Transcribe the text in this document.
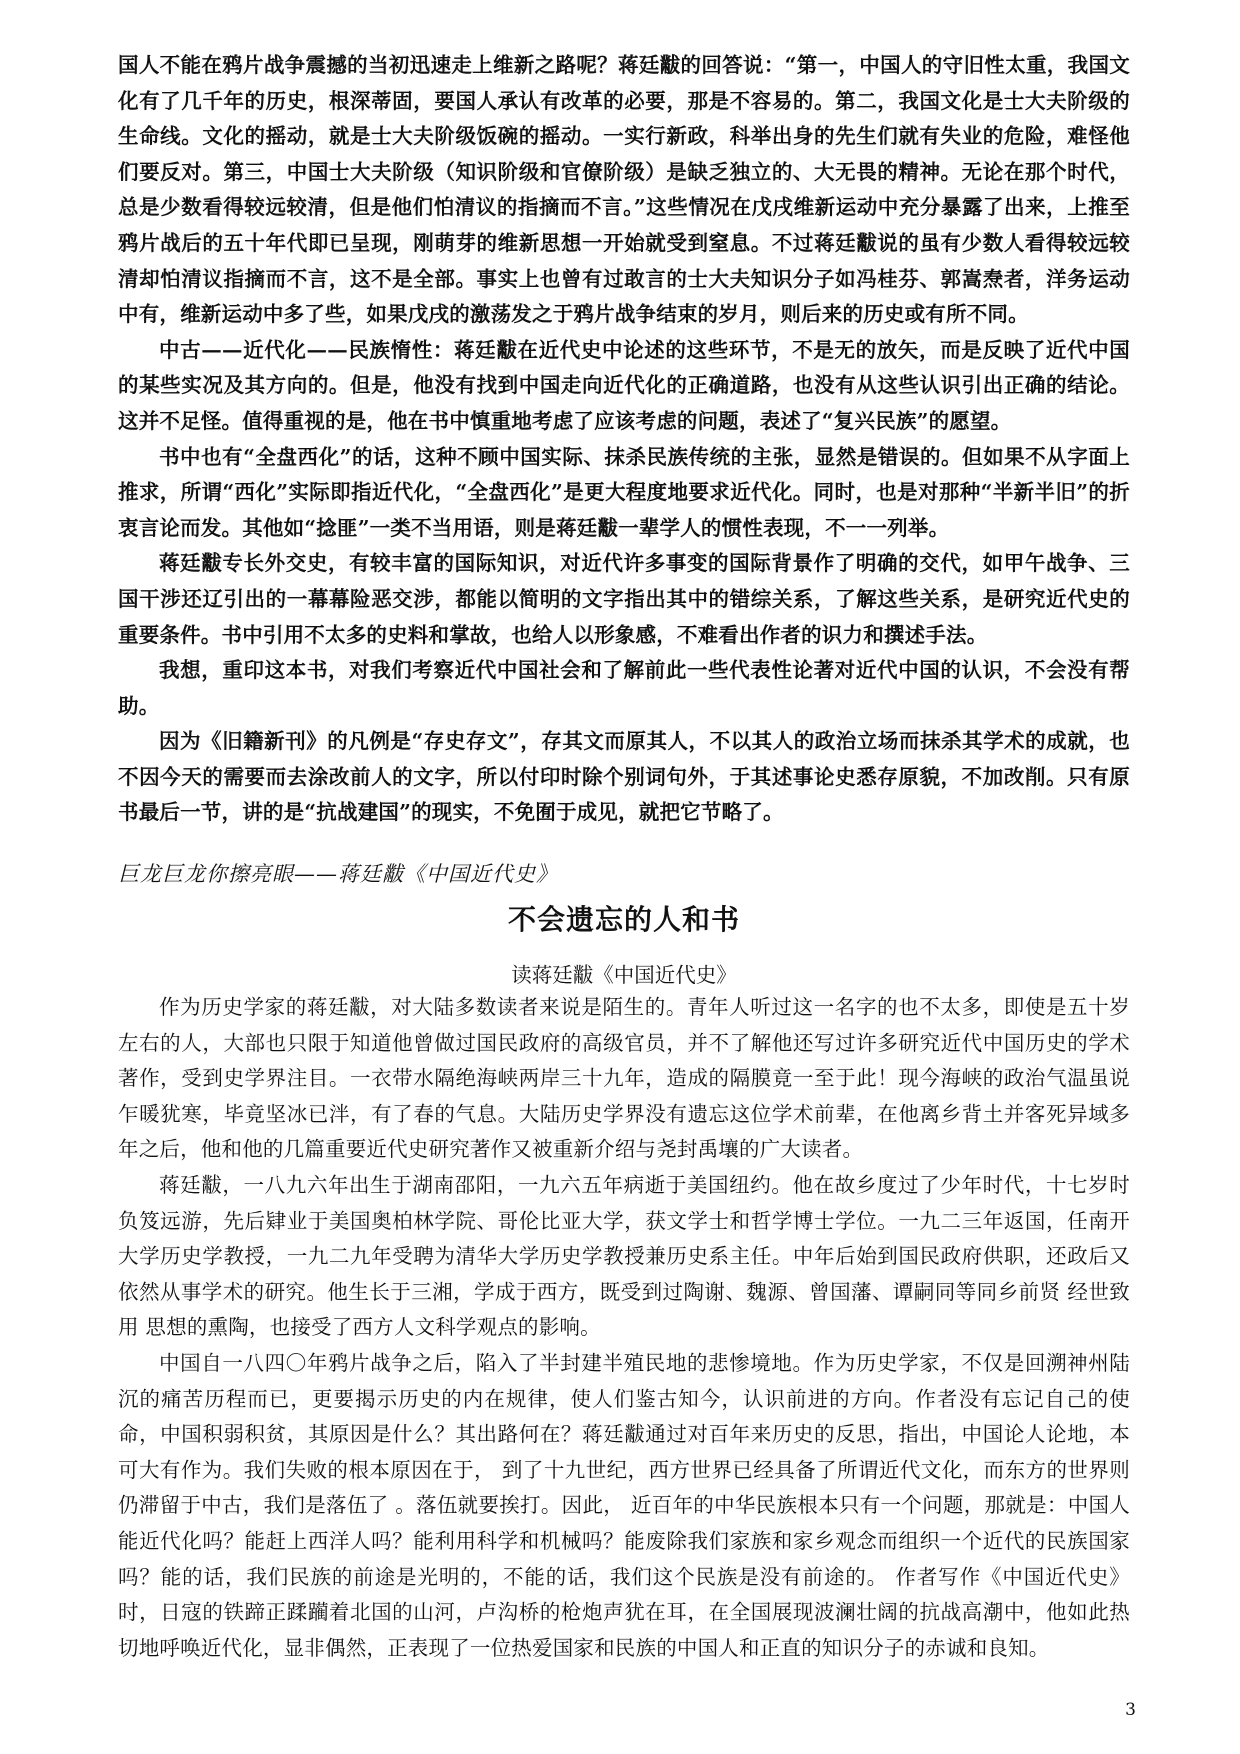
国人不能在鸦片战争震撼的当初迅速走上维新之路呢？蒋廷黻的回答说：“第一，中国人的守旧性太重，我国文化有了几千年的历史，根深蒂固，要国人承认有改革的必要，那是不容易的。第二，我国文化是士大夫阶级的生命线。文化的摇动，就是士大夫阶级饭碗的摇动。一实行新政，科举出身的先生们就有失业的危险，难怪他们要反对。第三，中国士大夫阶级（知识阶级和官僚阶级）是缺乏独立的、大无畏的精神。无论在那个时代，总是少数看得较远较清，但是他们怕清议的指摘而不言。”这些情况在戊戌维新运动中充分暴露了出来，上推至鸦片战后的五十年代即已呈现，刚萌芽的维新思想一开始就受到窒息。不过蒋廷黻说的虽有少数人看得较远较清却怕清议指摘而不言，这不是全部。事实上也曾有过敢言的士大夫知识分子如冯桂芬、郭嵩焘者，洋务运动中有，维新运动中多了些，如果戊戌的激荡发之于鸦片战争结束的岁月，则后来的历史或有所不同。

中古——近代化——民族惰性：蒋廷黻在近代史中论述的这些环节，不是无的放矢，而是反映了近代中国的某些实况及其方向的。但是，他没有找到中国走向近代化的正确道路，也没有从这些认识引出正确的结论。这并不足怪。值得重视的是，他在书中慎重地考虑了应该考虑的问题，表述了“复兴民族”的愿望。

书中也有“全盘西化”的话，这种不顾中国实际、抹杀民族传统的主张，显然是错误的。但如果不从字面上推求，所谓“西化”实际即指近代化，“全盘西化”是更大程度地要求近代化。同时，也是对那种“半新半旧”的折衷言论而发。其他如“捻匪”一类不当用语，则是蒋廷黻一辈学人的惯性表现，不一一列举。

蒋廷黻专长外交史，有较丰富的国际知识，对近代许多事变的国际背景作了明确的交代，如甲午战争、三国干涉还辽引出的一幕幕险恶交涉，都能以简明的文字指出其中的错综关系，了解这些关系，是研究近代史的重要条件。书中引用不太多的史料和掌故，也给人以形象感，不难看出作者的识力和撰述手法。

我想，重印这本书，对我们考察近代中国社会和了解前此一些代表性论著对近代中国的认识，不会没有帮助。

因为《旧籍新刊》的凡例是“存史存文”，存其文而原其人，不以其人的政治立场而抹杀其学术的成就，也不因今天的需要而去涂改前人的文字，所以付印时除个别词句外，于其述事论史悉存原貌，不加改削。只有原书最后一节，讲的是“抗战建国”的现实，不免囿于成见，就把它节略了。

巨龙巨龙你擦亮眼——蒋廷黻《中国近代史》

不会遗忘的人和书

读蒋廷黻《中国近代史》

作为历史学家的蒋廷黻，对大陆多数读者来说是陌生的。青年人听过这一名字的也不太多，即使是五十岁左右的人，大部也只限于知道他曾做过国民政府的高级官员，并不了解他还写过许多研究近代中国历史的学术著作，受到史学界注目。一衣带水隔绝海峡两岸三十九年，造成的隔膜竟一至于此！现今海峡的政治气温虽说乍暖犹寒，毕竟坚冰已泮，有了春的气息。大陆历史学界没有遗忘这位学术前辈，在他离乡背土并客死异域多年之后，他和他的几篇重要近代史研究著作又被重新介绍与尧封禹壤的广大读者。

蒋廷黻，一八九六年出生于湖南邵阳，一九六五年病逝于美国纽约。他在故乡度过了少年时代，十七岁时负笈远游，先后肄业于美国奥柏林学院、哥伦比亚大学，获文学士和哲学博士学位。一九二三年返国，任南开大学历史学教授，一九二九年受聘为清华大学历史学教授兼历史系主任。中年后始到国民政府供职，还政后又依然从事学术的研究。他生长于三湘，学成于西方，既受到过陶谢、魏源、曾国藩、谭嗣同等同乡前贤 经世致用 思想的熏陶，也接受了西方人文科学观点的影响。

中国自一八四〇年鸦片战争之后，陷入了半封建半殖民地的悲惨境地。作为历史学家，不仅是回溯神州陆沉的痛苦历程而已，更要揭示历史的内在规律，使人们鉴古知今，认识前进的方向。作者没有忘记自己的使命，中国积弱积贫，其原因是什么？其出路何在？蒋廷黻通过对百年来历史的反思，指出，中国论人论地，本可大有作为。我们失败的根本原因在于， 到了十九世纪，西方世界已经具备了所谓近代文化，而东方的世界则仍滞留于中古，我们是落伍了 。落伍就要挨打。因此， 近百年的中华民族根本只有一个问题，那就是：中国人能近代化吗？能赶上西洋人吗？能利用科学和机械吗？能废除我们家族和家乡观念而组织一个近代的民族国家吗？能的话，我们民族的前途是光明的，不能的话，我们这个民族是没有前途的。 作者写作《中国近代史》时，日寇的铁蹄正蹂躏着北国的山河，卢沟桥的枪炮声犹在耳，在全国展现波澜壮阔的抗战高潮中，他如此热切地呼唤近代化，显非偶然，正表现了一位热爱国家和民族的中国人和正直的知识分子的赤诚和良知。

3
